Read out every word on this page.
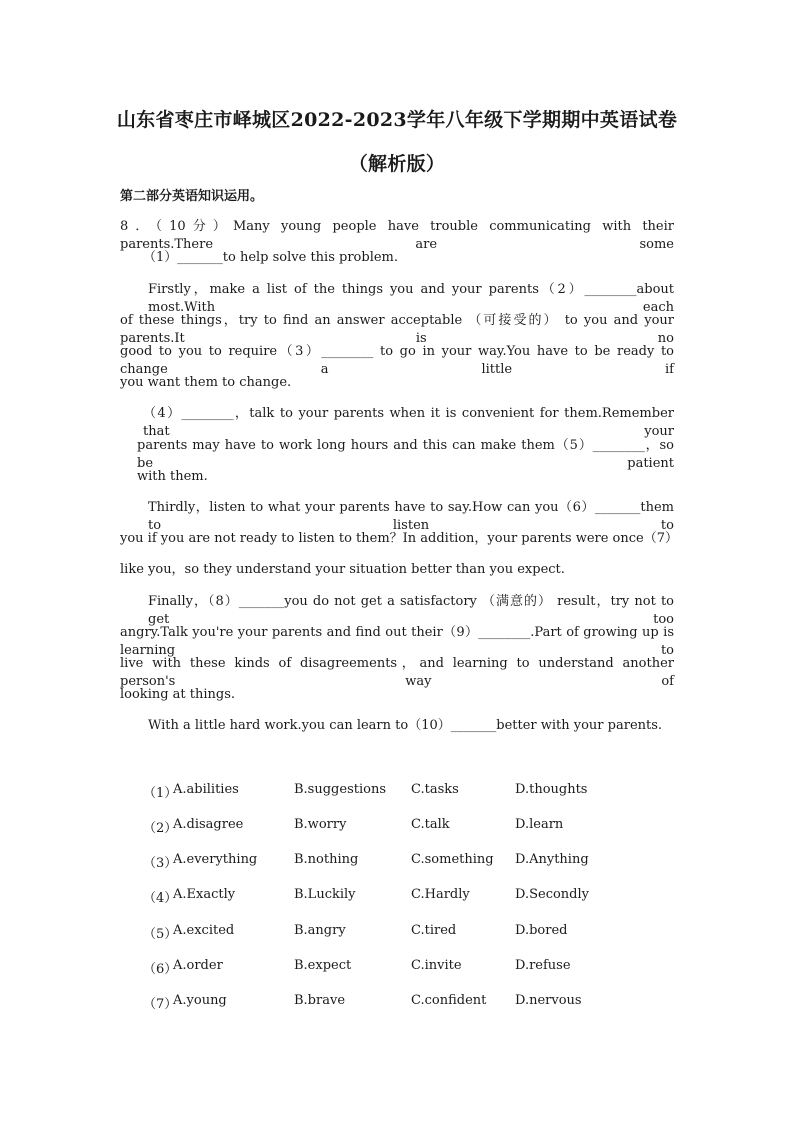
山东省枣庄市峄城区2022-2023学年八年级下学期期中英语试卷
（解析版）
第二部分英语知识运用。
8．（10分）Many young people have trouble communicating with their parents.There are some
（1）_______to help solve this problem.
Firstly，make a list of the things you and your parents（2）________about most.With each
of these things，try to find an answer acceptable （可接受的） to you and your parents.It is no
good to you to require（3）________ to go in your way.You have to be ready to change a little if
you want them to change.
（4）________，talk to your parents when it is convenient for them.Remember that your
parents may have to work long hours and this can make them（5）________，so be patient
with them.
Thirdly，listen to what your parents have to say.How can you（6）_______them to listen to
you if you are not ready to listen to them？In addition，your parents were once（7）
like you，so they understand your situation better than you expect.
Finally，（8）_______you do not get a satisfactory （满意的） result，try not to get too
angry.Talk you're your parents and find out their（9）________.Part of growing up is learning to
live with these kinds of disagreements，and learning to understand another person's way of
looking at things.
With a little hard work.you can learn to（10）_______better with your parents.
（1）
A.abilities	B.suggestions C.tasks	D.thoughts
（2）
A.disagree	B.worry	C.talk	D.learn
（3）
A.everything	B.nothing	C.something D.Anything
（4）
A.Exactly	B.Luckily	C.Hardly	D.Secondly
（5）
A.excited	B.angry	C.tired	D.bored
（6）
A.order	B.expect	C.invite	D.refuse
（7）
A.young	B.brave	C.confident D.nervous
